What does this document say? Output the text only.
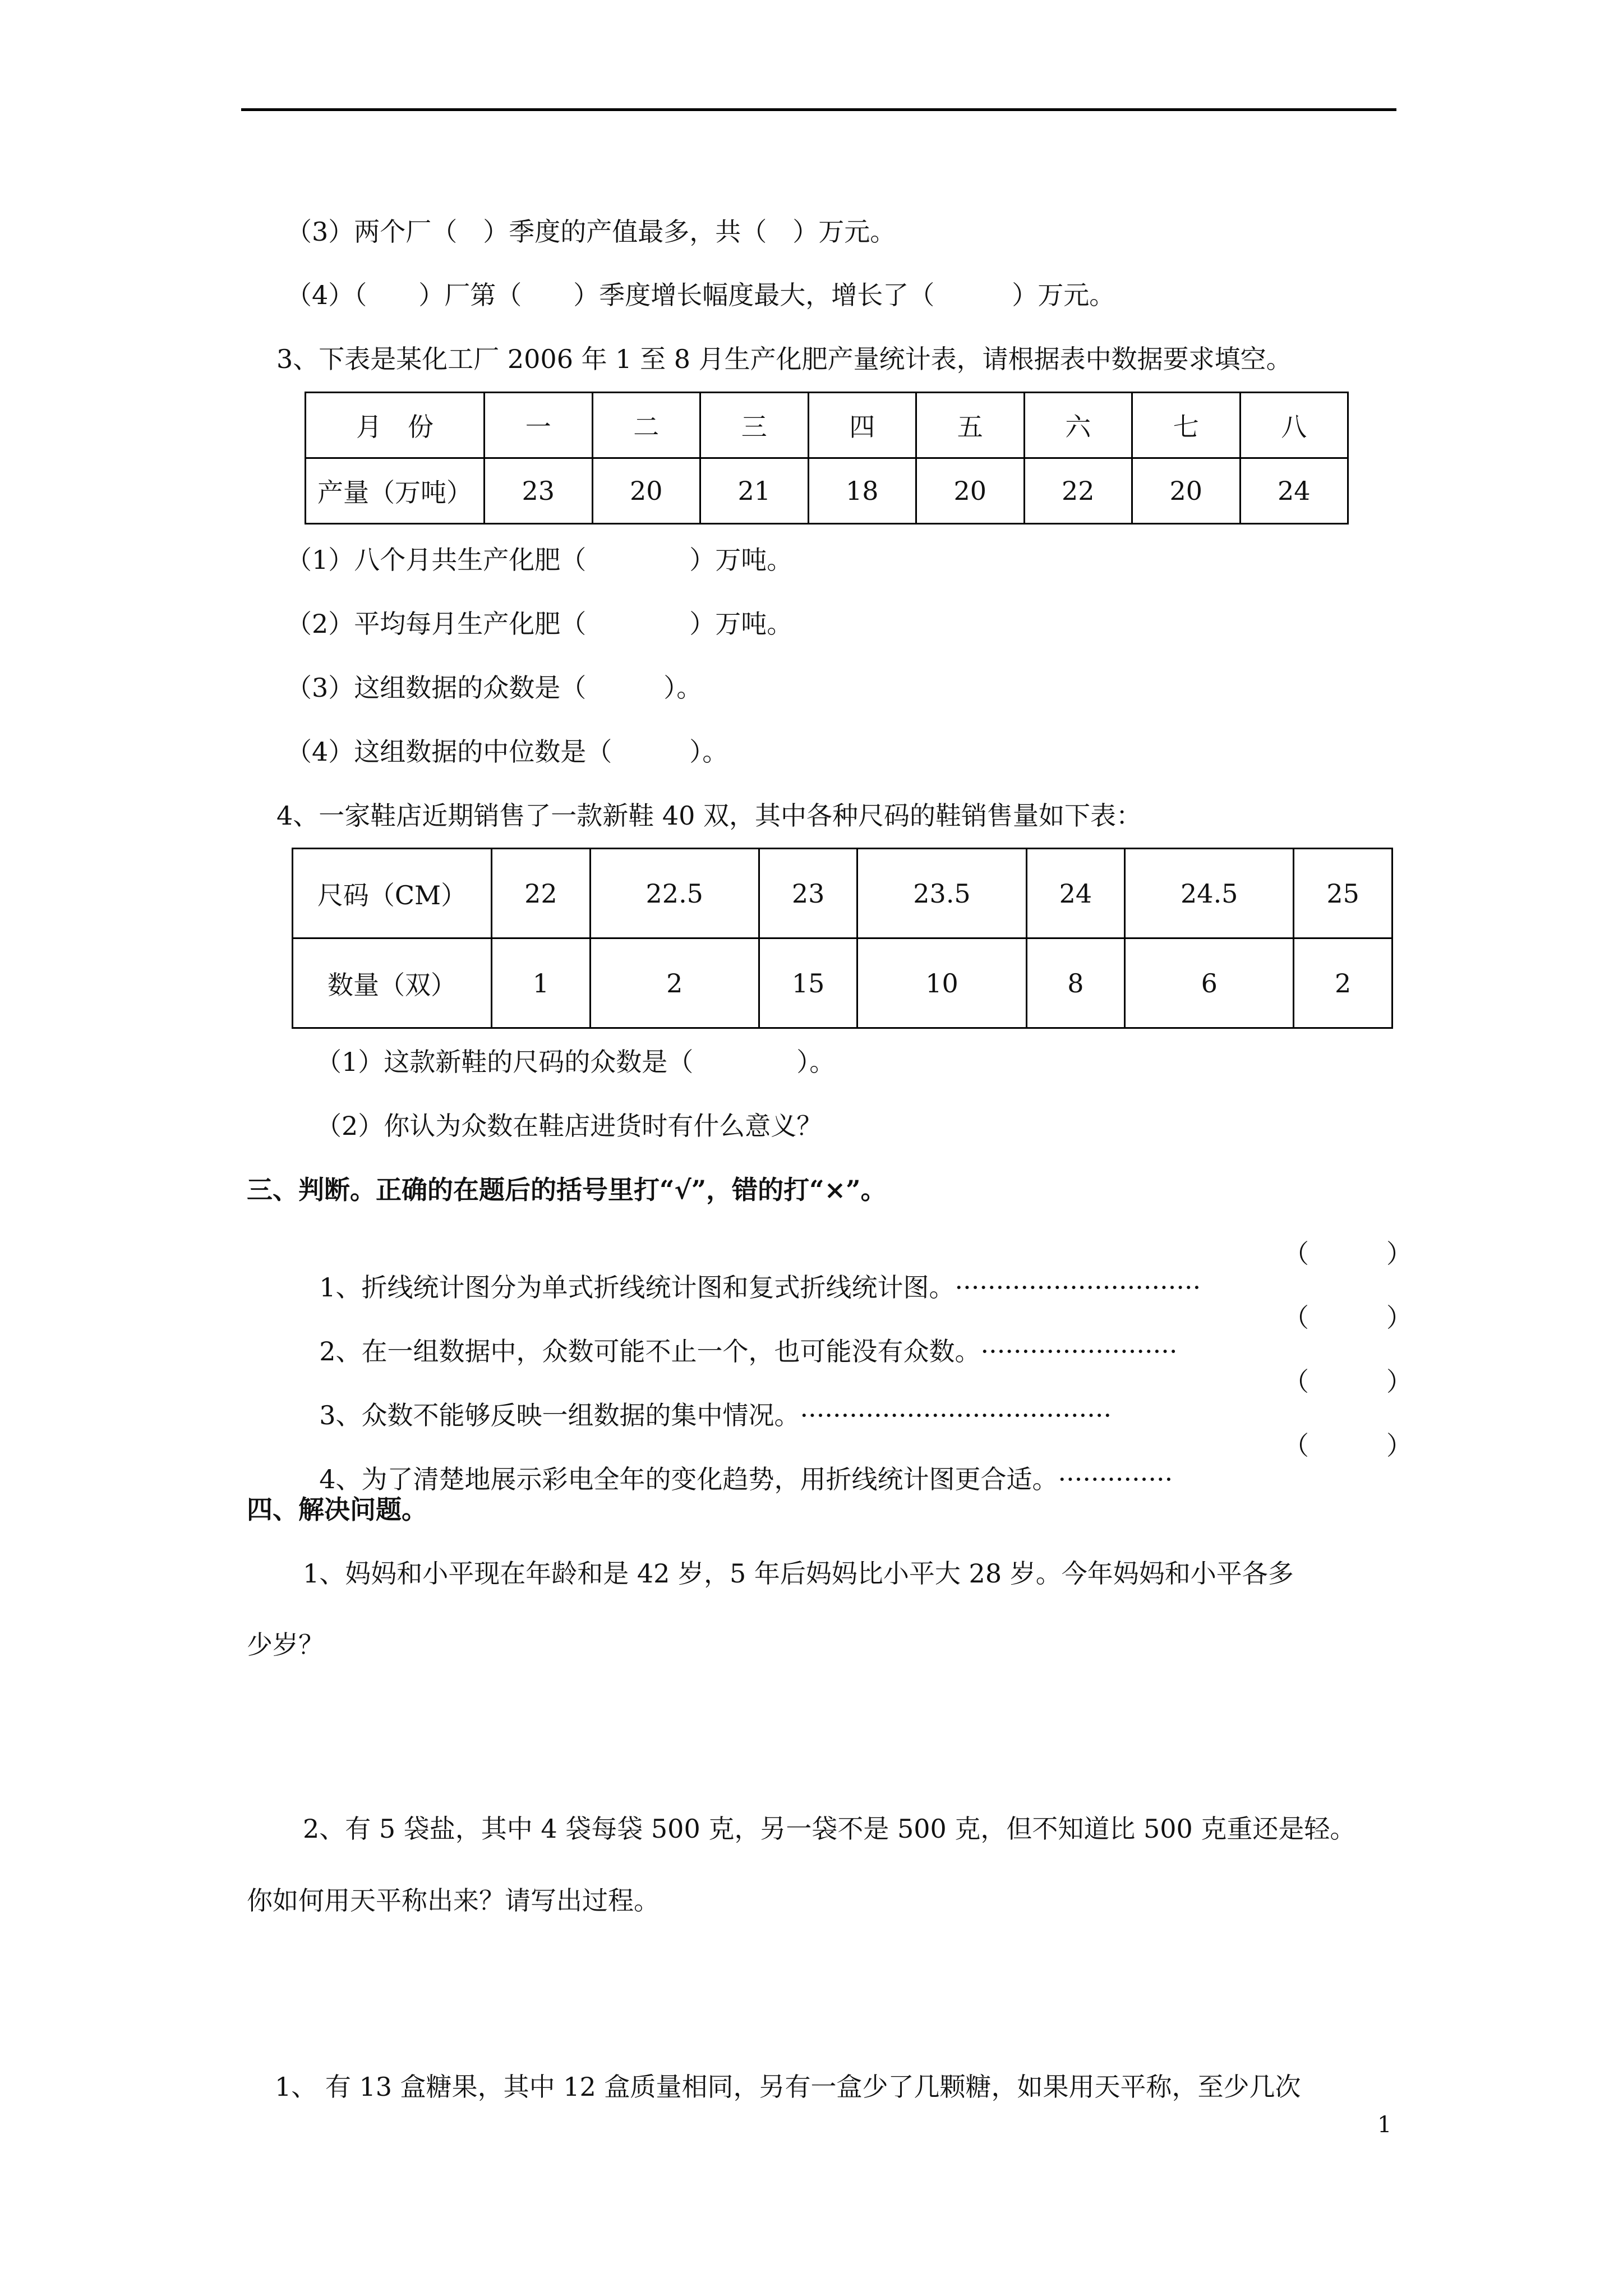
（3）两个厂（　）季度的产值最多，共（　）万元。
（4）（　　）厂第（　　）季度增长幅度最大，增长了（　　　）万元。
3、下表是某化工厂 2006 年 1 至 8 月生产化肥产量统计表，请根据表中数据要求填空。
月　份	一	二	三	四	五	六	七	八
产量（万吨）	23	20	21	18	20	22	20	24
（1）八个月共生产化肥（　　　　）万吨。
（2）平均每月生产化肥（　　　　）万吨。
（3）这组数据的众数是（　　　）。
（4）这组数据的中位数是（　　　）。
4、一家鞋店近期销售了一款新鞋 40 双，其中各种尺码的鞋销售量如下表：
尺码（CM）	22	22.5	23	23.5	24	24.5	25
数量（双）	1	2	15	10	8	6	2
（1）这款新鞋的尺码的众数是（　　　　）。
（2）你认为众数在鞋店进货时有什么意义？
三、判断。正确的在题后的括号里打“√”，错的打“×”。

1、折线统计图分为单式折线统计图和复式折线统计图。······························

（　　　）

2、在一组数据中，众数可能不止一个，也可能没有众数。························

（　　　）

3、众数不能够反映一组数据的集中情况。······································

（　　　）

4、为了清楚地展示彩电全年的变化趋势，用折线统计图更合适。··············

（　　　）
四、解决问题。
1、妈妈和小平现在年龄和是 42 岁，5 年后妈妈比小平大 28 岁。今年妈妈和小平各多
少岁？
2、有 5 袋盐，其中 4 袋每袋 500 克，另一袋不是 500 克，但不知道比 500 克重还是轻。
你如何用天平称出来？请写出过程。
1、 有 13 盒糖果，其中 12 盒质量相同，另有一盒少了几颗糖，如果用天平称，至少几次
1
